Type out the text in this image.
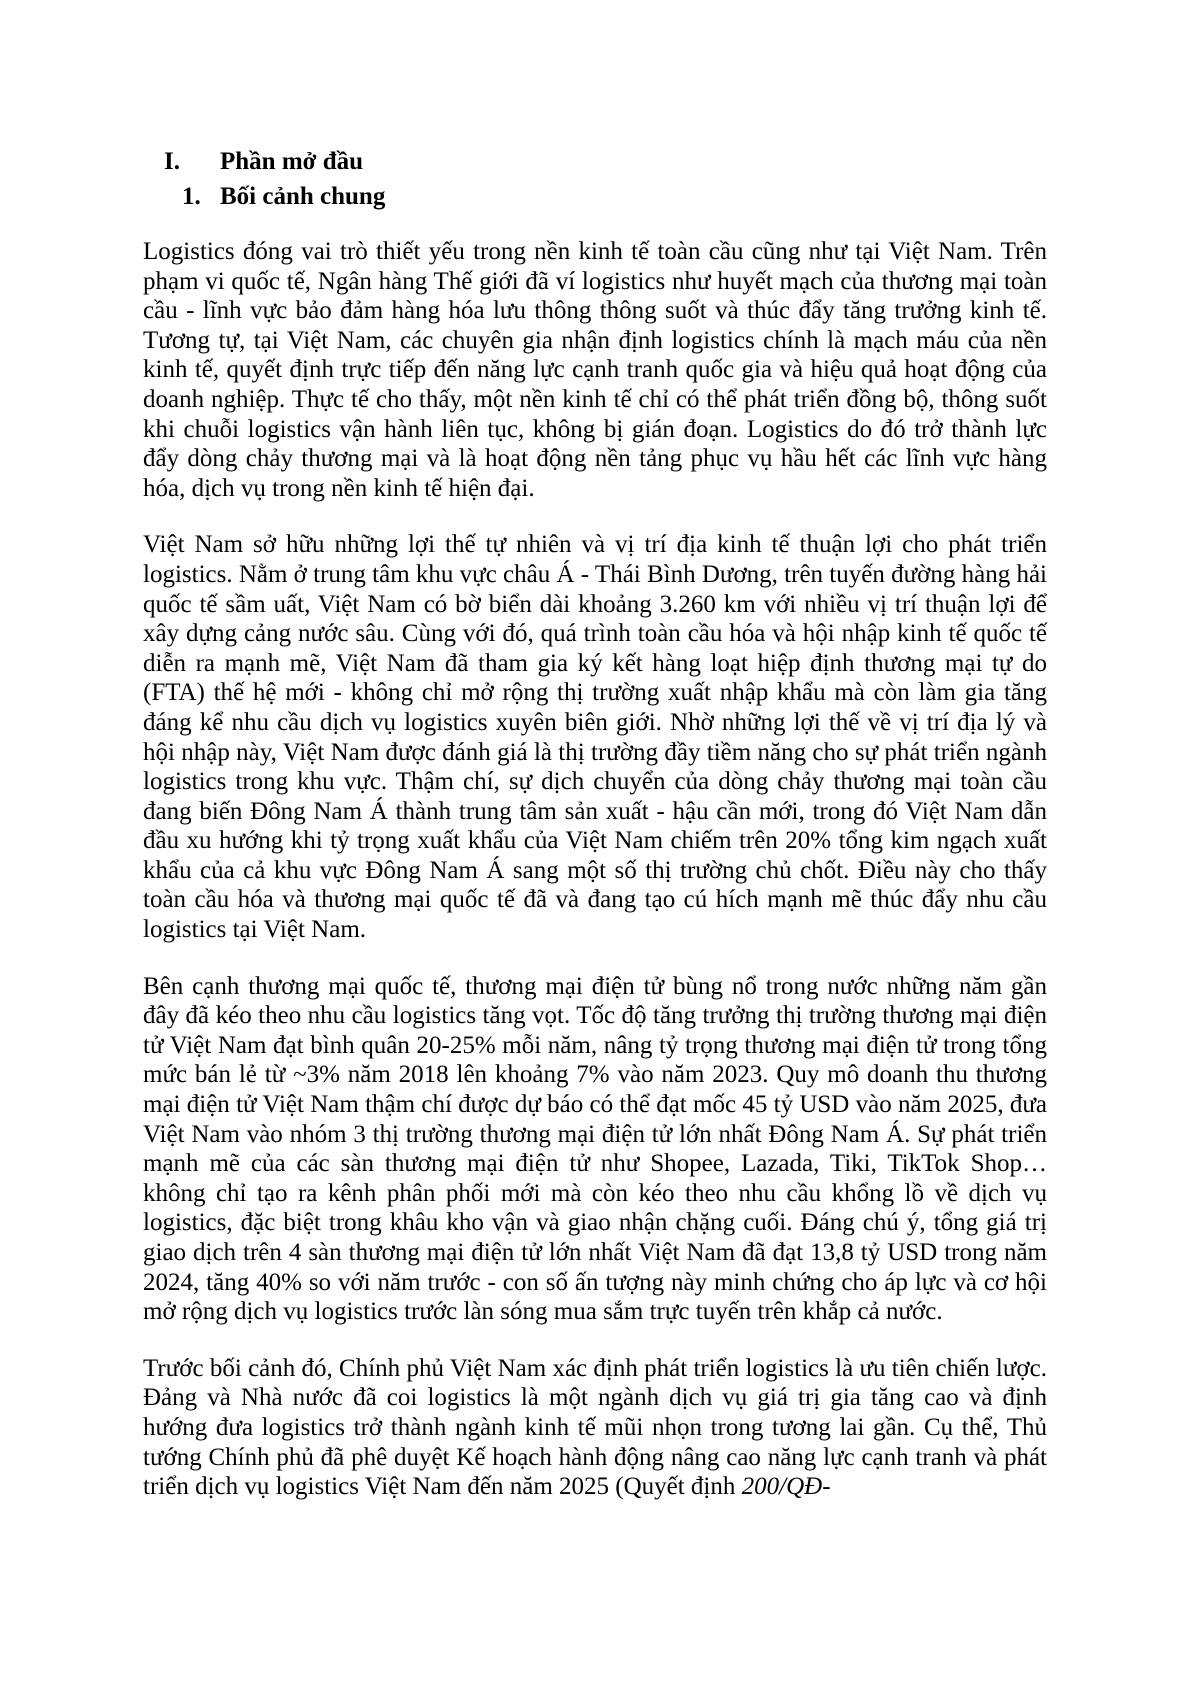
I. Phần mở đầu
1. Bối cảnh chung

Logistics đóng vai trò thiết yếu trong nền kinh tế toàn cầu cũng như tại Việt Nam. Trên phạm vi quốc tế, Ngân hàng Thế giới đã ví logistics như huyết mạch của thương mại toàn cầu - lĩnh vực bảo đảm hàng hóa lưu thông thông suốt và thúc đẩy tăng trưởng kinh tế. Tương tự, tại Việt Nam, các chuyên gia nhận định logistics chính là mạch máu của nền kinh tế, quyết định trực tiếp đến năng lực cạnh tranh quốc gia và hiệu quả hoạt động của doanh nghiệp. Thực tế cho thấy, một nền kinh tế chỉ có thể phát triển đồng bộ, thông suốt khi chuỗi logistics vận hành liên tục, không bị gián đoạn. Logistics do đó trở thành lực đẩy dòng chảy thương mại và là hoạt động nền tảng phục vụ hầu hết các lĩnh vực hàng hóa, dịch vụ trong nền kinh tế hiện đại.

Việt Nam sở hữu những lợi thế tự nhiên và vị trí địa kinh tế thuận lợi cho phát triển logistics. Nằm ở trung tâm khu vực châu Á - Thái Bình Dương, trên tuyến đường hàng hải quốc tế sầm uất, Việt Nam có bờ biển dài khoảng 3.260 km với nhiều vị trí thuận lợi để xây dựng cảng nước sâu. Cùng với đó, quá trình toàn cầu hóa và hội nhập kinh tế quốc tế diễn ra mạnh mẽ, Việt Nam đã tham gia ký kết hàng loạt hiệp định thương mại tự do (FTA) thế hệ mới - không chỉ mở rộng thị trường xuất nhập khẩu mà còn làm gia tăng đáng kể nhu cầu dịch vụ logistics xuyên biên giới. Nhờ những lợi thế về vị trí địa lý và hội nhập này, Việt Nam được đánh giá là thị trường đầy tiềm năng cho sự phát triển ngành logistics trong khu vực. Thậm chí, sự dịch chuyển của dòng chảy thương mại toàn cầu đang biến Đông Nam Á thành trung tâm sản xuất - hậu cần mới, trong đó Việt Nam dẫn đầu xu hướng khi tỷ trọng xuất khẩu của Việt Nam chiếm trên 20% tổng kim ngạch xuất khẩu của cả khu vực Đông Nam Á sang một số thị trường chủ chốt. Điều này cho thấy toàn cầu hóa và thương mại quốc tế đã và đang tạo cú hích mạnh mẽ thúc đẩy nhu cầu logistics tại Việt Nam.

Bên cạnh thương mại quốc tế, thương mại điện tử bùng nổ trong nước những năm gần đây đã kéo theo nhu cầu logistics tăng vọt. Tốc độ tăng trưởng thị trường thương mại điện tử Việt Nam đạt bình quân 20-25% mỗi năm, nâng tỷ trọng thương mại điện tử trong tổng mức bán lẻ từ ~3% năm 2018 lên khoảng 7% vào năm 2023. Quy mô doanh thu thương mại điện tử Việt Nam thậm chí được dự báo có thể đạt mốc 45 tỷ USD vào năm 2025, đưa Việt Nam vào nhóm 3 thị trường thương mại điện tử lớn nhất Đông Nam Á. Sự phát triển mạnh mẽ của các sàn thương mại điện tử như Shopee, Lazada, Tiki, TikTok Shop… không chỉ tạo ra kênh phân phối mới mà còn kéo theo nhu cầu khổng lồ về dịch vụ logistics, đặc biệt trong khâu kho vận và giao nhận chặng cuối. Đáng chú ý, tổng giá trị giao dịch trên 4 sàn thương mại điện tử lớn nhất Việt Nam đã đạt 13,8 tỷ USD trong năm 2024, tăng 40% so với năm trước - con số ấn tượng này minh chứng cho áp lực và cơ hội mở rộng dịch vụ logistics trước làn sóng mua sắm trực tuyến trên khắp cả nước.

Trước bối cảnh đó, Chính phủ Việt Nam xác định phát triển logistics là ưu tiên chiến lược. Đảng và Nhà nước đã coi logistics là một ngành dịch vụ giá trị gia tăng cao và định hướng đưa logistics trở thành ngành kinh tế mũi nhọn trong tương lai gần. Cụ thể, Thủ tướng Chính phủ đã phê duyệt Kế hoạch hành động nâng cao năng lực cạnh tranh và phát triển dịch vụ logistics Việt Nam đến năm 2025 (Quyết định 200/QĐ-
